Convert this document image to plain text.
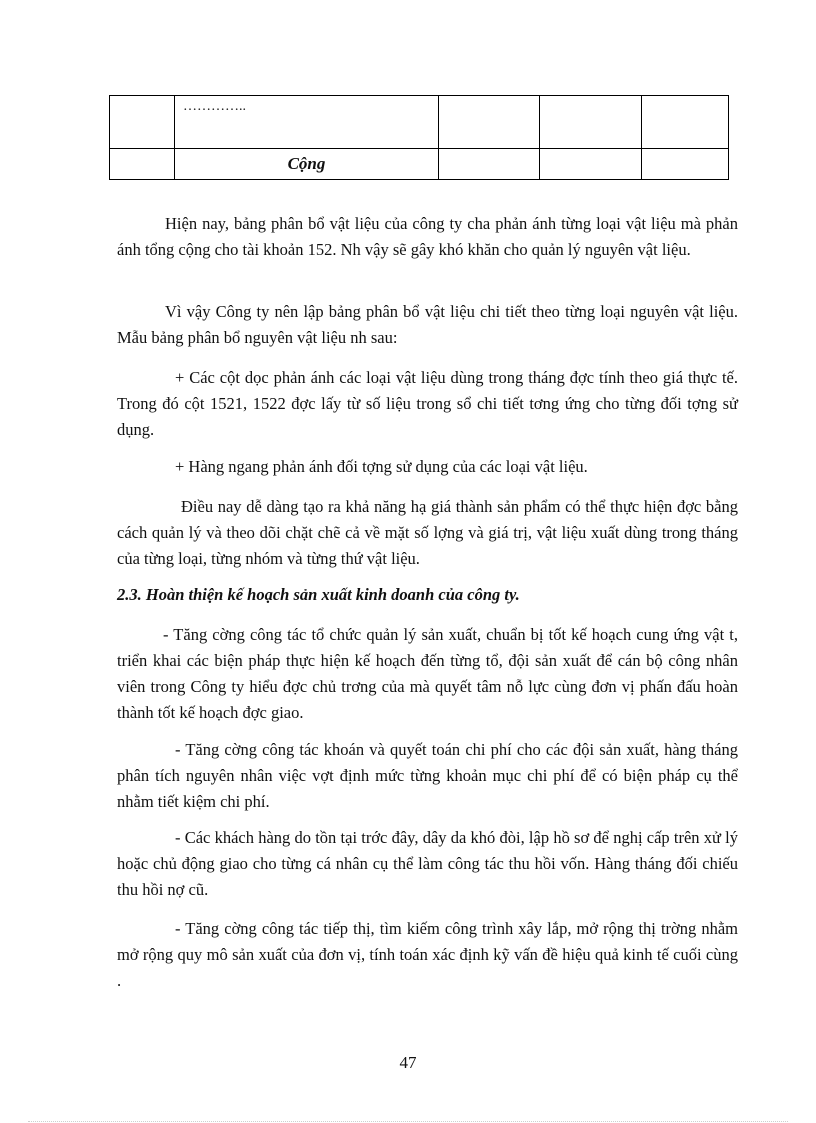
	…………..			

	Cộng			

Hiện nay, bảng phân bổ vật liệu của công ty cha phản ánh từng loại vật liệu mà phản ánh tổng cộng cho tài khoản 152. Nh vậy sẽ gây khó khăn cho quản lý nguyên vật liệu.

Vì vậy Công ty nên lập bảng phân bổ vật liệu chi tiết theo từng loại nguyên vật liệu. Mẫu bảng phân bổ nguyên vật liệu nh sau:

+ Các cột dọc phản ánh các loại vật liệu dùng trong tháng đợc tính theo giá thực tế. Trong đó cột 1521, 1522 đợc lấy từ số liệu trong sổ chi tiết tơng ứng cho từng đối tợng sử dụng.

+ Hàng ngang phản ánh đối tợng sử dụng của các loại vật liệu.

Điều nay dễ dàng tạo ra khả năng hạ giá thành sản phẩm có thể thực hiện đợc bằng cách quản lý và theo dõi chặt chẽ cả về mặt số lợng và giá trị, vật liệu xuất dùng trong tháng của từng loại, từng nhóm và từng thứ vật liệu.

2.3. Hoàn thiện kế hoạch sản xuất kinh doanh của công ty.

- Tăng cờng công tác tổ chức quản lý sản xuất, chuẩn bị tốt kế hoạch cung ứng vật t, triển khai các biện pháp thực hiện kế hoạch đến từng tổ, đội sản xuất để cán bộ công nhân viên trong Công ty hiểu đợc chủ trơng của mà quyết tâm nỗ lực cùng đơn vị phấn đấu hoàn thành tốt kế hoạch đợc giao.

- Tăng cờng công tác khoán và quyết toán chi phí cho các đội sản xuất, hàng tháng phân tích nguyên nhân việc vợt định mức từng khoản mục chi phí để có biện pháp cụ thể nhằm tiết kiệm chi phí.

- Các khách hàng do tồn tại trớc đây, dây da khó đòi, lập hồ sơ để nghị cấp trên xử lý hoặc chủ động giao cho từng cá nhân cụ thể làm công tác thu hồi vốn. Hàng tháng đối chiếu thu hồi nợ cũ.

- Tăng cờng công tác tiếp thị, tìm kiếm công trình xây lắp, mở rộng thị trờng nhằm mở rộng quy mô sản xuất của đơn vị, tính toán xác định kỹ vấn đề hiệu quả kinh tế cuối cùng .

47
